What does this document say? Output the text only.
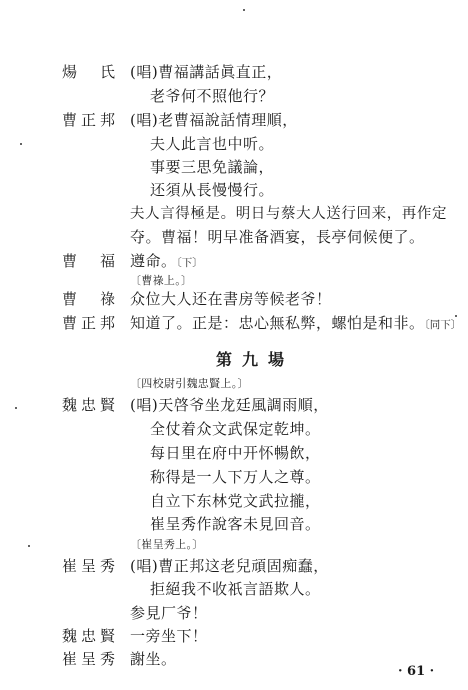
煬　氏 (唱)曹福講話眞直正，
老爷何不照他行？
曹正邦 (唱)老曹福說話情理順，
夫人此言也中听。
事要三思免議論，
还須从長慢慢行。
夫人言得極是。明日与蔡大人送行回来，再作定
夺。曹福！明早准备酒宴，長亭伺候便了。
曹　福 遵命。〔下〕
〔曹祿上。〕
曹　祿 众位大人还在書房等候老爷！
曹正邦 知道了。正是：忠心無私弊，螺怕是和非。〔同下〕
第九場
〔四校尉引魏忠賢上。〕
魏忠賢 (唱)天啓爷坐龙廷風調雨順，
全仗着众文武保定乾坤。
每日里在府中开怀暢飲，
称得是一人下万人之尊。
自立下东林党文武拉攏，
崔呈秀作說客未見回音。
〔崔呈秀上。〕
崔呈秀 (唱)曹正邦这老兒頑固痴蠢，
拒絕我不收祇言語欺人。
参見厂爷！
魏忠賢 一旁坐下！
崔呈秀 謝坐。
· 61 ·
